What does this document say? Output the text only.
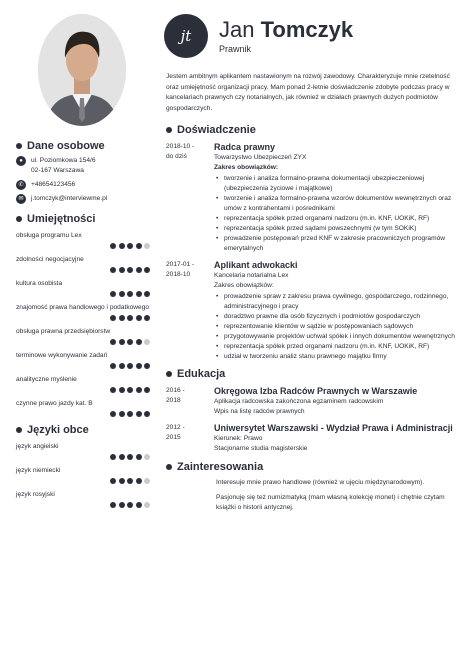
Dane osobowe
●	ul. Poziomkowa 154/6
02-167 Warszawa
✆	+48654123456
✉	j.tomczyk@interviewme.pl
Umiejętności
obsługa programu Lex
zdolności negocjacyjne
kultura osobista
znajomość prawa handlowego i podatkowego
obsługa prawna przedsiębiorstw
terminowe wykonywanie zadań
analityczne myślenie
czynne prawo jazdy kat. B
Języki obce
język angielski
język niemiecki
język rosyjski
jt	Jan Tomczyk
Prawnik
Jestem ambitnym aplikantem nastawionym na rozwój zawodowy. Charakteryzuje mnie rzetelność oraz umiejętność organizacji pracy. Mam ponad 2-letnie doświadczenie zdobyte podczas pracy w kancelariach prawnych czy notarialnych, jak również w działach prawnych dużych podmiotów gospodarczych.
Doświadczenie
2018-10 -
do dziś
Radca prawny
Towarzystwo Ubezpieczeń ZYX
Zakres obowiązków:
• tworzenie i analiza formalno-prawna dokumentacji ubezpieczeniowej (ubezpieczenia życiowe i majątkowe)
• tworzenie i analiza formalno-prawna wzorów dokumentów wewnętrznych oraz umów z kontrahentami i pośrednikami
• reprezentacja spółek przed organami nadzoru (m.in. KNF, UOKiK, RF)
• reprezentacja spółek przed sądami powszechnymi (w tym SOKiK)
• prowadzenie postępowań przed KNF w zakresie pracowniczych programów emerytalnych
2017-01 -
2018-10
Aplikant adwokacki
Kancelaria notarialna Lex
Zakres obowiązków:
• prowadzenie spraw z zakresu prawa cywilnego, gospodarczego, rodzinnego, administracyjnego i pracy
• doradztwo prawne dla osób fizycznych i podmiotów gospodarczych
• reprezentowanie klientów w sądzie w postępowaniach sądowych
• przygotowywanie projektów uchwał spółek i innych dokumentów wewnętrznych
• reprezentacja spółek przed organami nadzoru (m.in. KNF, UOKiK, RF)
• udział w tworzeniu analiz stanu prawnego majątku firmy
Edukacja
2016 -
2018
Okręgowa Izba Radców Prawnych w Warszawie
Aplikacja radcowska zakończona egzaminem radcowskim
Wpis na listę radców prawnych
2012 -
2015
Uniwersytet Warszawski - Wydział Prawa i Administracji
Kierunek: Prawo
Stacjonarne studia magisterskie
Zainteresowania
Interesuje mnie prawo handlowe (również w ujęciu międzynarodowym).
Pasjonuję się też numizmatyką (mam własną kolekcję monet) i chętnie czytam książki o historii antycznej.
